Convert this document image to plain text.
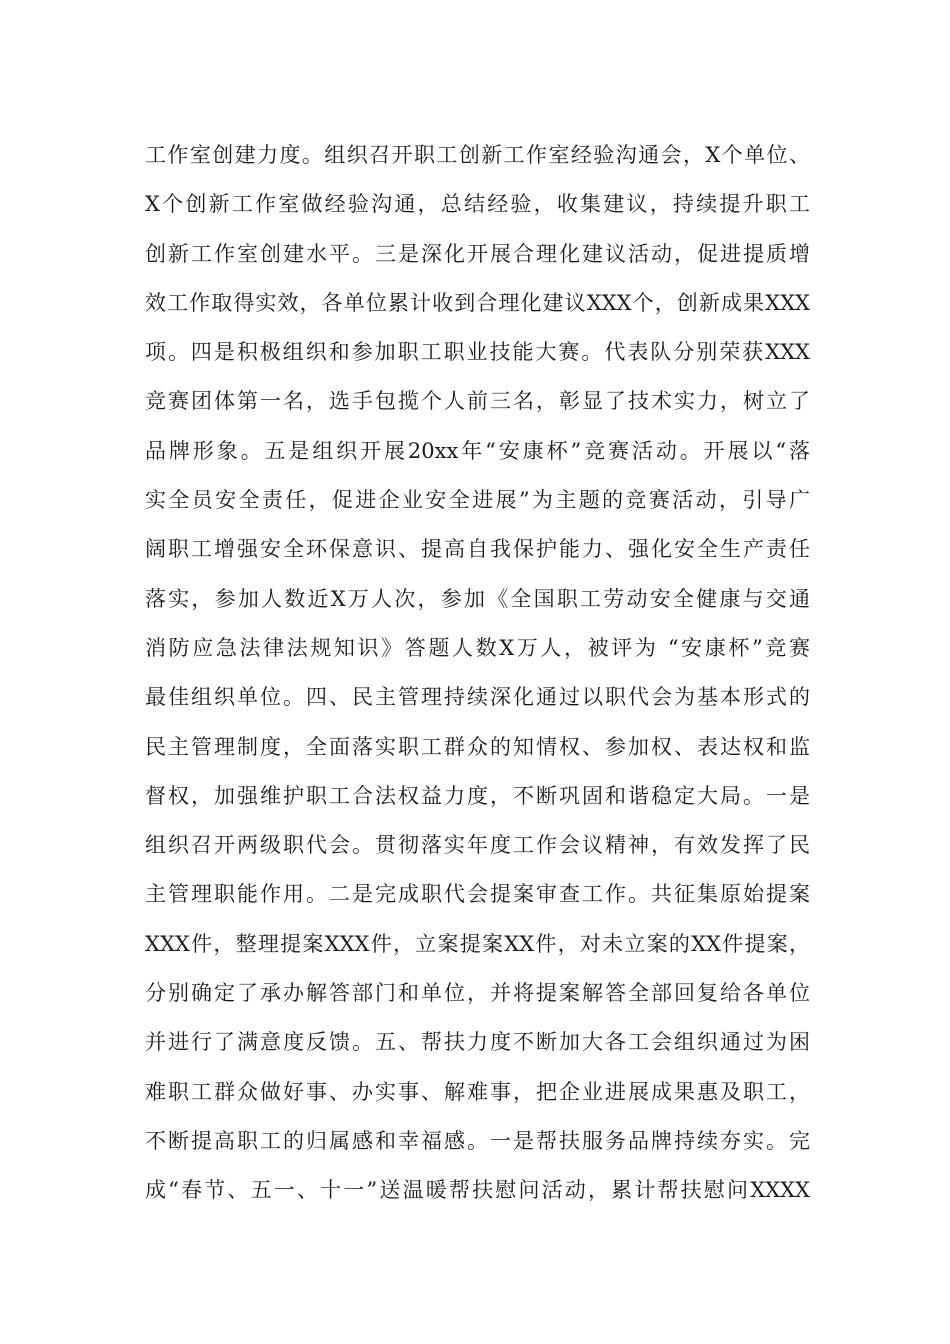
工作室创建力度。组织召开职工创新工作室经验沟通会，X个单位、
X个创新工作室做经验沟通，总结经验，收集建议，持续提升职工
创新工作室创建水平。三是深化开展合理化建议活动，促进提质增
效工作取得实效，各单位累计收到合理化建议XXX个，创新成果XXX
项。四是积极组织和参加职工职业技能大赛。代表队分别荣获XXX
竞赛团体第一名，选手包揽个人前三名，彰显了技术实力，树立了
品牌形象。五是组织开展20xx年“安康杯”竞赛活动。开展以“落
实全员安全责任，促进企业安全进展”为主题的竞赛活动，引导广
阔职工增强安全环保意识、提高自我保护能力、强化安全生产责任
落实，参加人数近X万人次，参加《全国职工劳动安全健康与交通
消防应急法律法规知识》答题人数X万人，被评为 “安康杯”竞赛
最佳组织单位。四、民主管理持续深化通过以职代会为基本形式的
民主管理制度，全面落实职工群众的知情权、参加权、表达权和监
督权，加强维护职工合法权益力度，不断巩固和谐稳定大局。一是
组织召开两级职代会。贯彻落实年度工作会议精神，有效发挥了民
主管理职能作用。二是完成职代会提案审查工作。共征集原始提案
XXX件，整理提案XXX件，立案提案XX件，对未立案的XX件提案，
分别确定了承办解答部门和单位，并将提案解答全部回复给各单位
并进行了满意度反馈。五、帮扶力度不断加大各工会组织通过为困
难职工群众做好事、办实事、解难事，把企业进展成果惠及职工，
不断提高职工的归属感和幸福感。一是帮扶服务品牌持续夯实。完
成“春节、五一、十一”送温暖帮扶慰问活动，累计帮扶慰问XXXX
